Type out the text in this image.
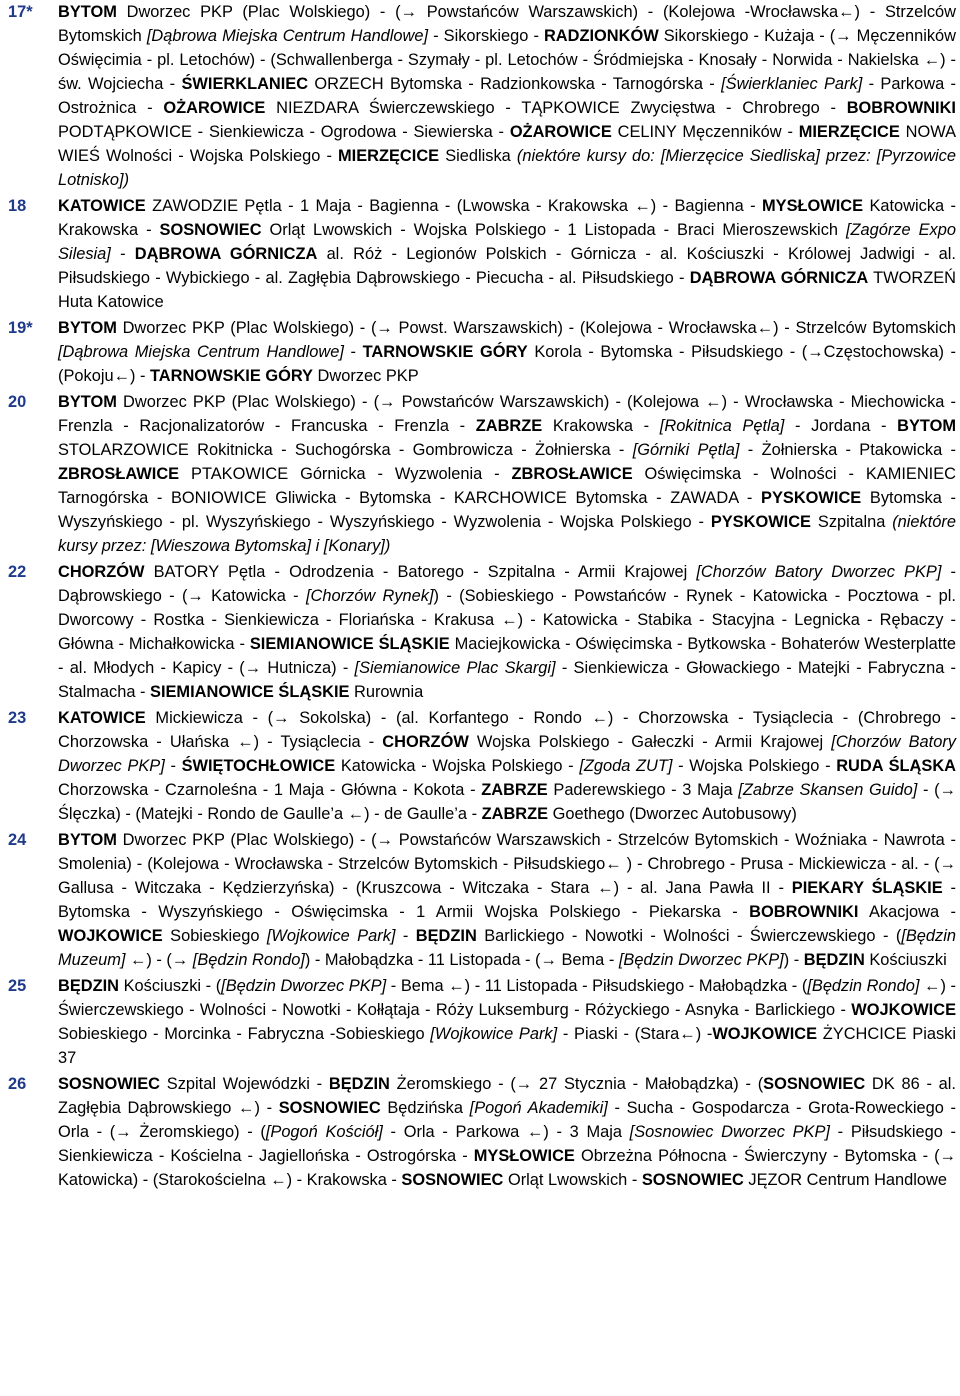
17* BYTOM Dworzec PKP (Plac Wolskiego) - (→ Powstańców Warszawskich) - (Kolejowa -Wrocławska←) - Strzelców Bytomskich [Dąbrowa Miejska Centrum Handlowe] - Sikorskiego - RADZIONKÓW Sikorskiego - Kużaja - (→ Męczenników Oświęcimia - pl. Letochów) - (Schwallenberga - Szymały - pl. Letochów - Śródmiejska - Knosały - Norwida - Nakielska ←) - św. Wojciecha - ŚWIERKLANIEC ORZECH Bytomska - Radzionkowska - Tarnogórska - [Świerklaniec Park] - Parkowa - Ostrożnica - OŻAROWICE NIEZDARA Świerczewskiego - TĄPKOWICE Zwycięstwa - Chrobrego - BOBROWNIKI PODTĄPKOWICE - Sienkiewicza - Ogrodowa - Siewierska - OŻAROWICE CELINY Męczenników - MIERZĘCICE NOWA WIEŚ Wolności - Wojska Polskiego - MIERZĘCICE Siedliska (niektóre kursy do: [Mierzęcice Siedliska] przez: [Pyrzowice Lotnisko])
18 KATOWICE ZAWODZIE Pętla - 1 Maja - Bagienna - (Lwowska - Krakowska ←) - Bagienna - MYSŁOWICE Katowicka - Krakowska - SOSNOWIEC Orląt Lwowskich - Wojska Polskiego - 1 Listopada - Braci Mieroszewskich [Zagórze Expo Silesia] - DĄBROWA GÓRNICZA al. Róż - Legionów Polskich - Górnicza - al. Kościuszki - Królowej Jadwigi - al. Piłsudskiego - Wybickiego - al. Zagłębia Dąbrowskiego - Piecucha - al. Piłsudskiego - DĄBROWA GÓRNICZA TWORZEŃ Huta Katowice
19* BYTOM Dworzec PKP (Plac Wolskiego) - (→ Powst. Warszawskich) - (Kolejowa - Wrocławska←) - Strzelców Bytomskich [Dąbrowa Miejska Centrum Handlowe] - TARNOWSKIE GÓRY Korola - Bytomska - Piłsudskiego - (→Częstochowska) - (Pokoju←) - TARNOWSKIE GÓRY Dworzec PKP
20 BYTOM Dworzec PKP (Plac Wolskiego) - (→ Powstańców Warszawskich) - (Kolejowa ←) - Wrocławska - Miechowicka - Frenzla - Racjonalizatorów - Francuska - Frenzla - ZABRZE Krakowska - [Rokitnica Pętla] - Jordana - BYTOM STOLARZOWICE Rokitnicka - Suchogórska - Gombrowicza - Żołnierska - [Górniki Pętla] - Żołnierska - Ptakowicka - ZBROSŁAWICE PTAKOWICE Górnicka - Wyzwolenia - ZBROSŁAWICE Oświęcimska - Wolności - KAMIENIEC Tarnogórska - BONIOWICE Gliwicka - Bytomska - KARCHOWICE Bytomska - ZAWADA - PYSKOWICE Bytomska - Wyszyńskiego - pl. Wyszyńskiego - Wyszyńskiego - Wyzwolenia - Wojska Polskiego - PYSKOWICE Szpitalna (niektóre kursy przez: [Wieszowa Bytomska] i [Konary])
22 CHORZÓW BATORY Pętla - Odrodzenia - Batorego - Szpitalna - Armii Krajowej [Chorzów Batory Dworzec PKP] - Dąbrowskiego - (→ Katowicka - [Chorzów Rynek]) - (Sobieskiego - Powstańców - Rynek - Katowicka - Pocztowa - pl. Dworcowy - Rostka - Sienkiewicza - Floriańska - Krakusa ←) - Katowicka - Stabika - Stacyjna - Legnicka - Rębaczy - Główna - Michałkowicka - SIEMIANOWICE ŚLĄSKIE Maciejkowicka - Oświęcimska - Bytkowska - Bohaterów Westerplatte - al. Młodych - Kapicy - (→ Hutnicza) - [Siemianowice Plac Skargi] - Sienkiewicza - Głowackiego - Matejki - Fabryczna - Stalmacha - SIEMIANOWICE ŚLĄSKIE Rurownia
23 KATOWICE Mickiewicza - (→ Sokolska) - (al. Korfantego - Rondo ←) - Chorzowska - Tysiąclecia - (Chrobrego - Chorzowska - Ułańska ←) - Tysiąclecia - CHORZÓW Wojska Polskiego - Gałeczki - Armii Krajowej [Chorzów Batory Dworzec PKP] - ŚWIĘTOCHŁOWICE Katowicka - Wojska Polskiego - [Zgoda ZUT] - Wojska Polskiego - RUDA ŚLĄSKA Chorzowska - Czarnoleśna - 1 Maja - Główna - Kokota - ZABRZE Paderewskiego - 3 Maja [Zabrze Skansen Guido] - (→ Ślęczka) - (Matejki - Rondo de Gaulle’a ←) - de Gaulle’a - ZABRZE Goethego (Dworzec Autobusowy)
24 BYTOM Dworzec PKP (Plac Wolskiego) - (→ Powstańców Warszawskich - Strzelców Bytomskich - Woźniaka - Nawrota - Smolenia) - (Kolejowa - Wrocławska - Strzelców Bytomskich - Piłsudskiego← ) - Chrobrego - Prusa - Mickiewicza - al. - (→ Gallusa - Witczaka - Kędzierzyńska) - (Kruszcowa - Witczaka - Stara ←) - al. Jana Pawła II - PIEKARY ŚLĄSKIE - Bytomska - Wyszyńskiego - Oświęcimska - 1 Armii Wojska Polskiego - Piekarska - BOBROWNIKI Akacjowa - WOJKOWICE Sobieskiego [Wojkowice Park] - BĘDZIN Barlickiego - Nowotki - Wolności - Świerczewskiego - ([Będzin Muzeum] ←) - (→ [Będzin Rondo]) - Małobądzka - 11 Listopada - (→ Bema - [Będzin Dworzec PKP]) - BĘDZIN Kościuszki
25 BĘDZIN Kościuszki - ([Będzin Dworzec PKP] - Bema ←) - 11 Listopada - Piłsudskiego - Małobądzka - ([Będzin Rondo] ←) - Świerczewskiego - Wolności - Nowotki - Kołłątaja - Róży Luksemburg - Różyckiego - Asnyka - Barlickiego - WOJKOWICE Sobieskiego - Morcinka - Fabryczna -Sobieskiego [Wojkowice Park] - Piaski - (Stara←) -WOJKOWICE ŻYCHCICE Piaski 37
26 SOSNOWIEC Szpital Wojewódzki - BĘDZIN Żeromskiego - (→ 27 Stycznia - Małobądzka) - (SOSNOWIEC DK 86 - al. Zagłębia Dąbrowskiego ←) - SOSNOWIEC Będzińska [Pogoń Akademiki] - Sucha - Gospodarcza - Grota-Roweckiego - Orla - (→ Żeromskiego) - ([Pogoń Kościół] - Orla - Parkowa ←) - 3 Maja [Sosnowiec Dworzec PKP] - Piłsudskiego - Sienkiewicza - Kościelna - Jagiellońska - Ostrogórska - MYSŁOWICE Obrzeżna Północna - Świerczyny - Bytomska - (→ Katowicka) - (Starokościelna ←) - Krakowska - SOSNOWIEC Orląt Lwowskich - SOSNOWIEC JĘZOR Centrum Handlowe
